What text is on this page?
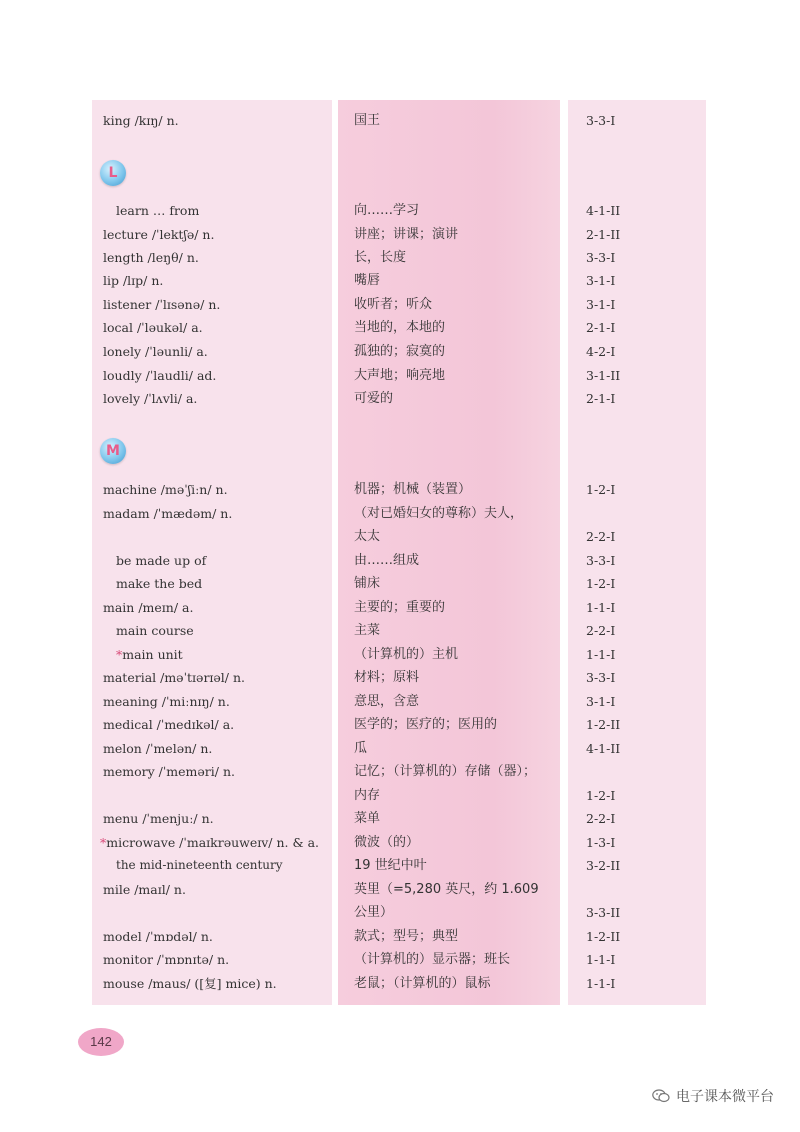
king /kɪŋ/ n.	国王	3-3-I
L
learn … from	向……学习	4-1-II
lecture /ˈlektʃə/ n.	讲座；讲课；演讲	2-1-II
length /leŋθ/ n.	长，长度	3-3-I
lip /lɪp/ n.	嘴唇	3-1-I
listener /ˈlɪsənə/ n.	收听者；听众	3-1-I
local /ˈləukəl/ a.	当地的，本地的	2-1-I
lonely /ˈləunli/ a.	孤独的；寂寞的	4-2-I
loudly /ˈlaudli/ ad.	大声地；响亮地	3-1-II
lovely /ˈlʌvli/ a.	可爱的	2-1-I
M
machine /məˈʃiːn/ n.	机器；机械（装置）	1-2-I
madam /ˈmædəm/ n.	（对已婚妇女的尊称）夫人，
太太	2-2-I
be made up of	由……组成	3-3-I
make the bed	铺床	1-2-I
main /meɪn/ a.	主要的；重要的	1-1-I
main course	主菜	2-2-I
*main unit	（计算机的）主机	1-1-I
material /məˈtɪərɪəl/ n.	材料；原料	3-3-I
meaning /ˈmiːnɪŋ/ n.	意思，含意	3-1-I
medical /ˈmedɪkəl/ a.	医学的；医疗的；医用的	1-2-II
melon /ˈmelən/ n.	瓜	4-1-II
memory /ˈmeməri/ n.	记忆；（计算机的）存储（器）；
内存	1-2-I
menu /ˈmenjuː/ n.	菜单	2-2-I
*microwave /ˈmaɪkrəuweɪv/ n. & a.	微波（的）	1-3-I
the mid-nineteenth century	19 世纪中叶	3-2-II
mile /maɪl/ n.	英里（=5,280 英尺，约 1.609
公里）	3-3-II
model /ˈmɒdəl/ n.	款式；型号；典型	1-2-II
monitor /ˈmɒnɪtə/ n.	（计算机的）显示器；班长	1-1-I
mouse /maus/ ([复] mice) n.	老鼠；（计算机的）鼠标	1-1-I
142
电子课本微平台
